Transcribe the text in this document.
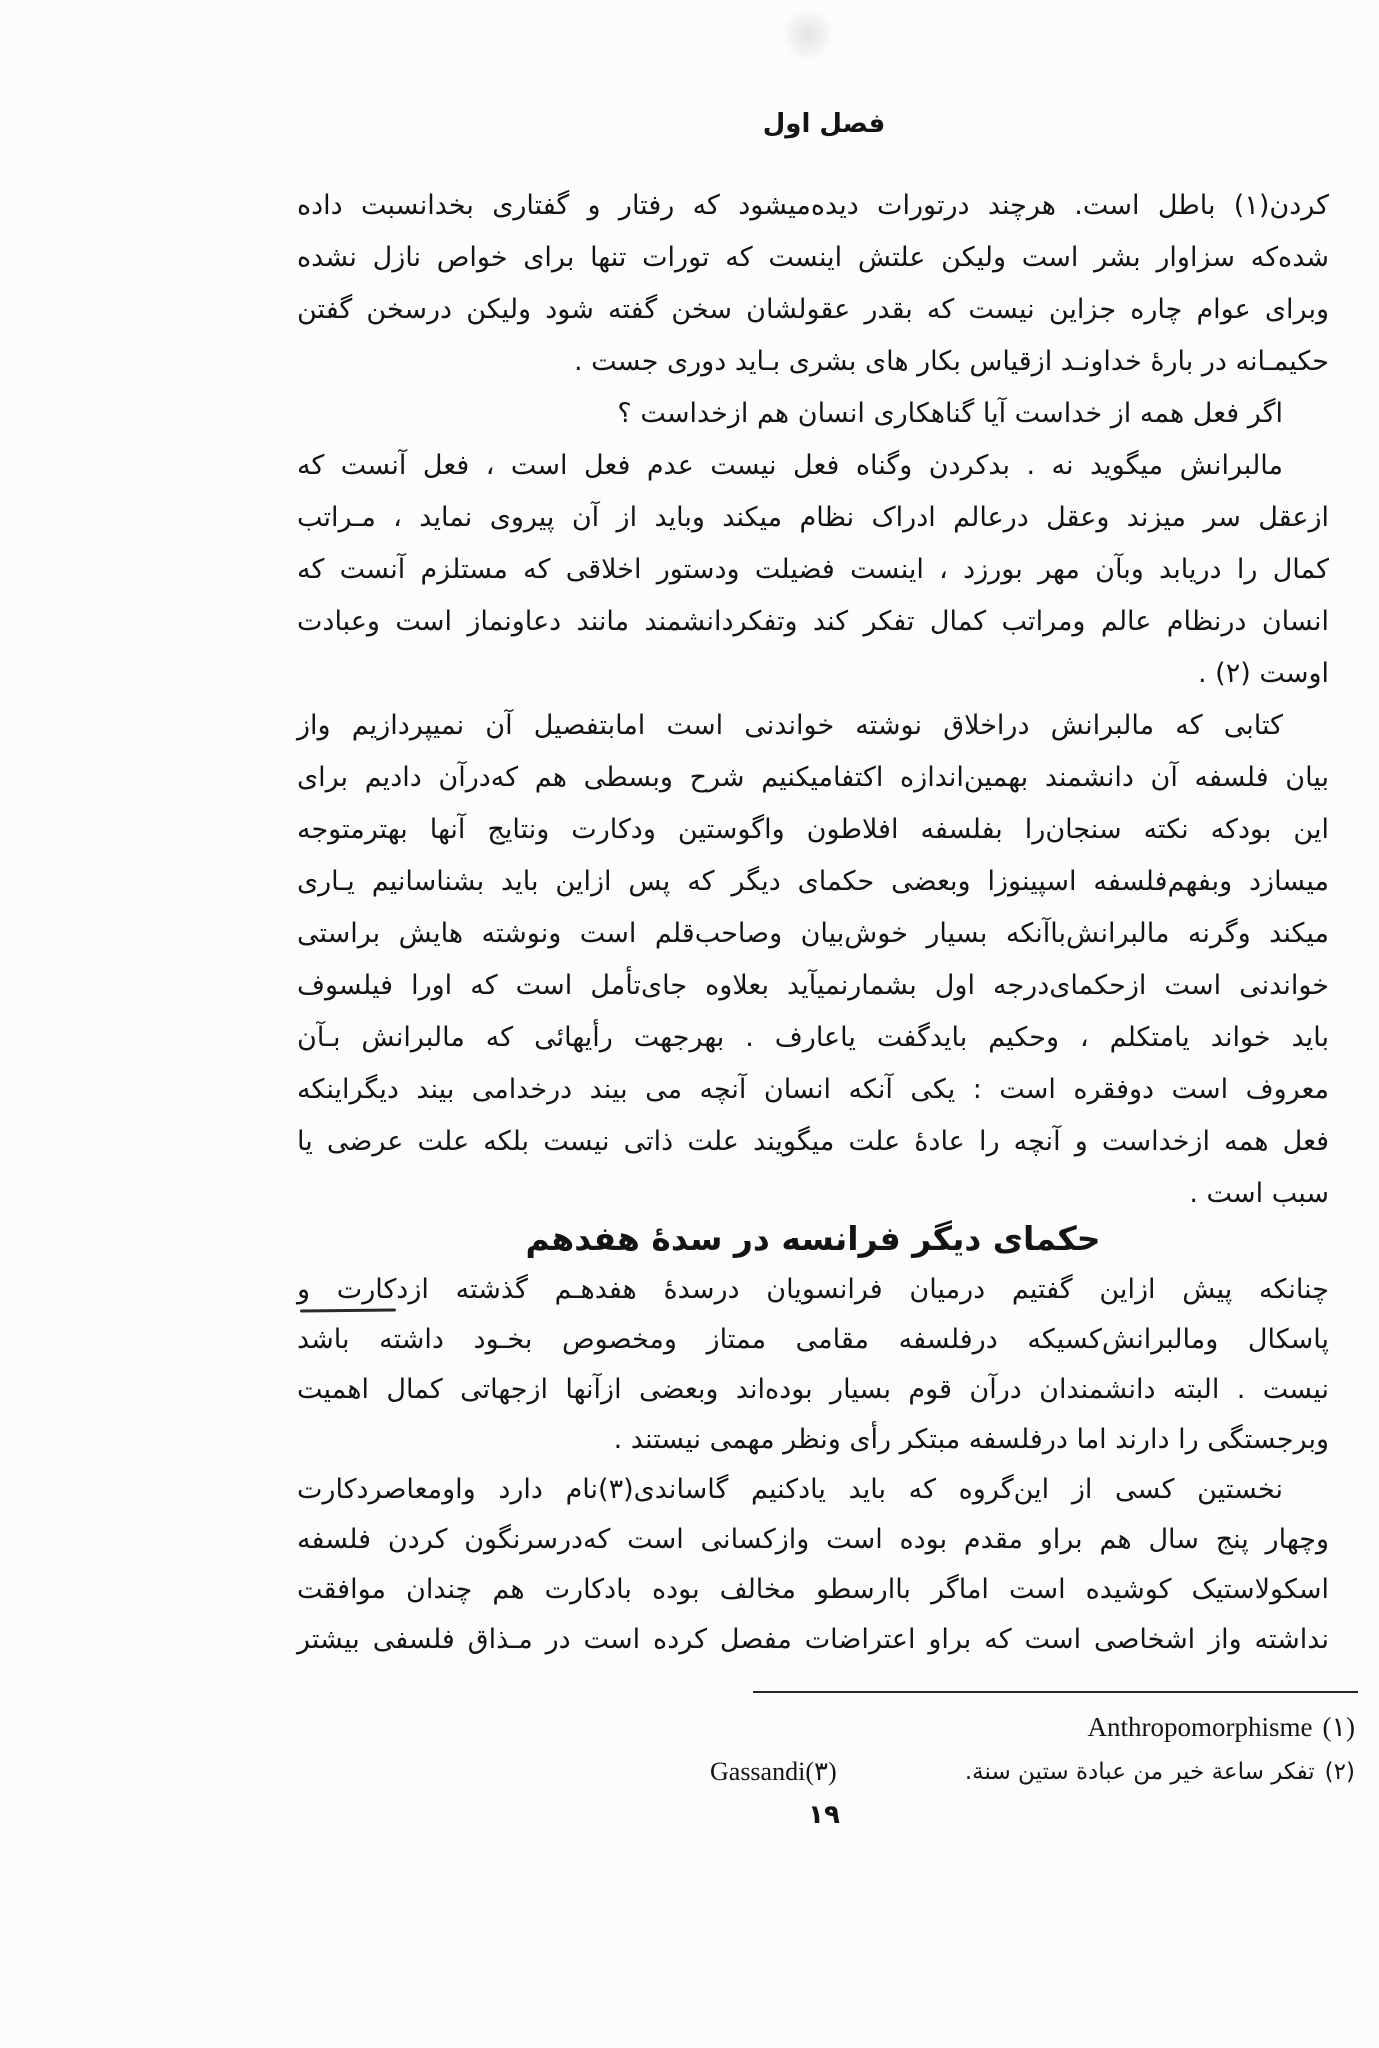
فصل اول
کردن(۱) باطل است. هرچند درتورات دیده‌میشود که رفتار و گفتاری بخدانسبت داده
شده‌که سزاوار بشر است ولیکن علتش اینست که تورات تنها برای خواص نازل نشده
وبرای عوام چاره جزاین نیست که بقدر عقولشان سخن گفته شود ولیکن درسخن گفتن
حکیمـانه در بارهٔ خداونـد ازقیاس بکار های بشری بـاید دوری جست .
اگر فعل همه از خداست آیا گناهکاری انسان هم ازخداست ؟
مالبرانش میگوید نه . بدکردن وگناه فعل نیست عدم فعل است ، فعل آنست که
ازعقل سر میزند وعقل درعالم ادراک نظام میکند وباید از آن پیروی نماید ، مـراتب
کمال را دریابد وبآن مهر بورزد ، اینست فضیلت ودستور اخلاقی که مستلزم آنست که
انسان درنظام عالم ومراتب کمال تفکر کند وتفکردانشمند مانند دعاونماز است وعبادت
اوست (۲) .
کتابی که مالبرانش دراخلاق نوشته خواندنی است امابتفصیل آن نمیپردازیم واز
بیان فلسفه آن دانشمند بهمین‌اندازه اکتفامیکنیم شرح وبسطی هم که‌درآن دادیم برای
این بودکه نکته سنجان‌را بفلسفه افلاطون واگوستین ودکارت ونتایج آنها بهترمتوجه
میسازد وبفهم‌فلسفه اسپینوزا وبعضی حکمای دیگر که پس ازاین باید بشناسانیم یـاری
میکند وگرنه مالبرانش‌باآنکه بسیار خوش‌بیان وصاحب‌قلم است ونوشته هایش براستی
خواندنی است ازحکمای‌درجه اول بشمارنمیآید بعلاوه جای‌تأمل است که اورا فیلسوف
باید خواند یامتکلم ، وحکیم بایدگفت یاعارف . بهرجهت رأیهائی که مالبرانش بـآن
معروف است دوفقره است : یکی آنکه انسان آنچه می بیند درخدامی بیند دیگراینکه
فعل همه ازخداست و آنچه را عادهٔ علت میگویند علت ذاتی نیست بلکه علت عرضی یا
سبب است .
حکمای دیگر فرانسه در سدهٔ هفدهم
چنانکه پیش ازاین گفتیم درمیان فرانسویان درسدهٔ هفدهـم گذشته ازدکارت و
پاسکال ومالبرانش‌کسیکه درفلسفه مقامی ممتاز ومخصوص بخـود داشته باشد
نیست . البته دانشمندان درآن قوم بسیار بوده‌اند وبعضی ازآنها ازجهاتی کمال اهمیت
وبرجستگی را دارند اما درفلسفه مبتکر رأی ونظر مهمی نیستند .
نخستین کسی از این‌گروه که باید یادکنیم گاساندی(۳)نام دارد واومعاصردکارت
وچهار پنج سال هم براو مقدم بوده است وازکسانی است که‌درسرنگون کردن فلسفه
اسکولاستیک کوشیده است اماگر باارسطو مخالف بوده بادکارت هم چندان موافقت
نداشته واز اشخاصی است که براو اعتراضات مفصل کرده است در مـذاق فلسفی بیشتر
(۱)Anthropomorphisme
(۲)تفکر ساعة خیر من عبادة ستین سنة.
(۳)Gassandi
۱۹
